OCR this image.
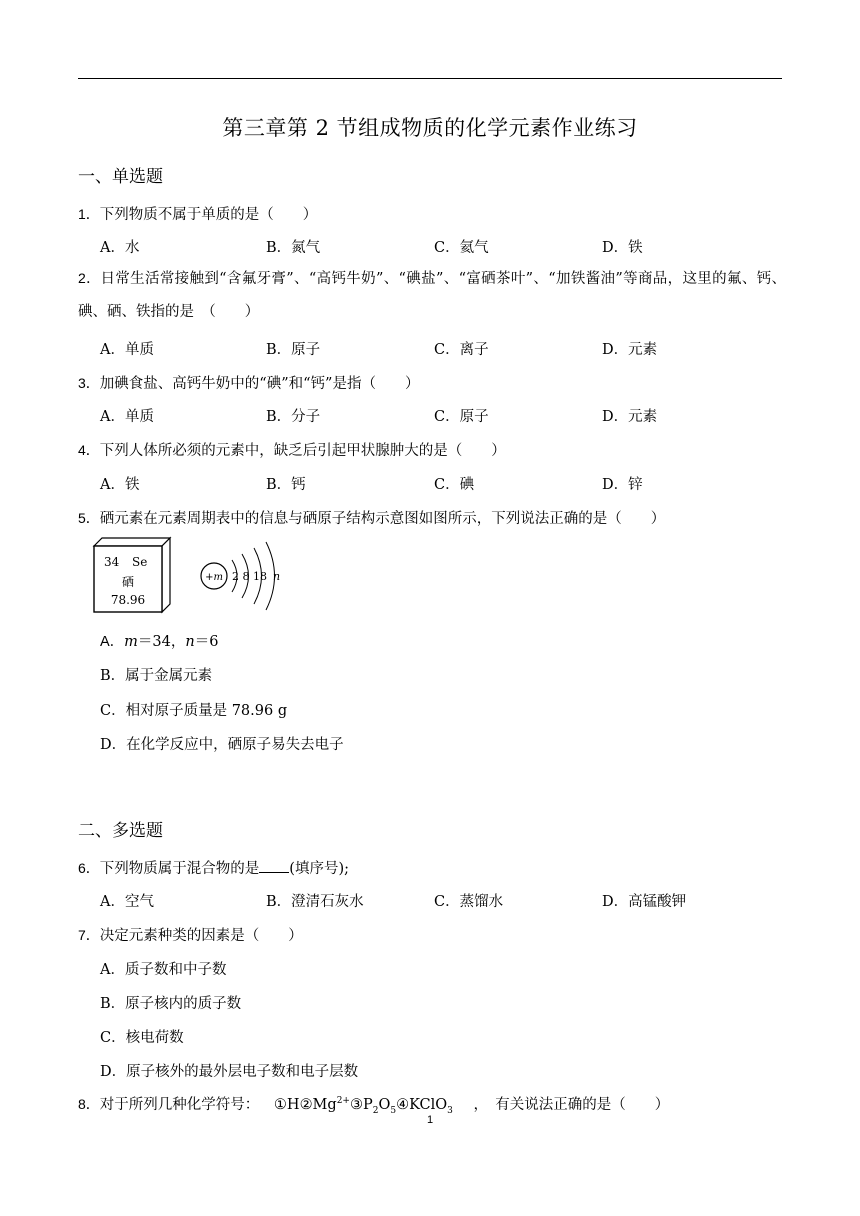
第三章第 2 节组成物质的化学元素作业练习
一、单选题
1．下列物质不属于单质的是（　　）
A．水	B．氮气	C．氦气	D．铁
2．日常生活常接触到“含氟牙膏”、“高钙牛奶”、“碘盐”、“富硒茶叶”、“加铁酱油”等商品，这里的氟、钙、碘、硒、铁指的是　（　　）
A．单质	B．原子	C．离子	D．元素
3．加碘食盐、高钙牛奶中的“碘”和“钙”是指（　　）
A．单质	B．分子	C．原子	D．元素
4．下列人体所必须的元素中，缺乏后引起甲状腺肿大的是（　　）
A．铁	B．钙	C．碘	D．锌
5．硒元素在元素周期表中的信息与硒原子结构示意图如图所示，下列说法正确的是（　　）
34 Se
硒
78.96
+m 2 8 18 n
A．m＝34，n＝6
B．属于金属元素
C．相对原子质量是 78.96 g
D．在化学反应中，硒原子易失去电子
二、多选题
6．下列物质属于混合物的是 (填序号);
A．空气	B．澄清石灰水	C．蒸馏水	D．高锰酸钾
7．决定元素种类的因素是（　　）
A．质子数和中子数
B．原子核内的质子数
C．核电荷数
D．原子核外的最外层电子数和电子层数
8．对于所列几种化学符号： $①H②Mg^{2+}③P_2O_5④KClO_3$ ，　有关说法正确的是（　　）
1
